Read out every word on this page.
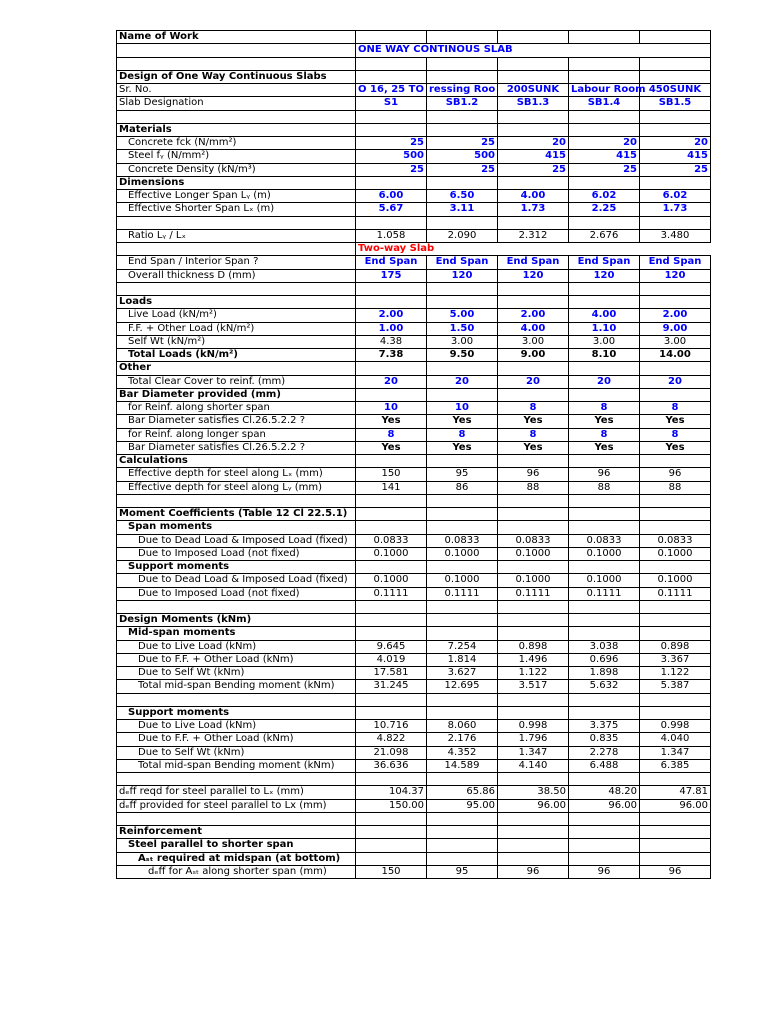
Name of Work					
	ONE WAY CONTINOUS SLAB				

Design of One Way Continuous Slabs					
Sr. No.	O 16, 25 TO	ressing Roo	200SUNK	Labour Room	450SUNK
Slab Designation	S1	SB1.2	SB1.3	SB1.4	SB1.5

Materials					
Concrete fck (N/mm²)	25	25	20	20	20
Steel fᵧ (N/mm²)	500	500	415	415	415
Concrete Density (kN/m³)	25	25	25	25	25
Dimensions					
Effective Longer Span Lᵧ (m)	6.00	6.50	4.00	6.02	6.02
Effective Shorter Span Lₓ (m)	5.67	3.11	1.73	2.25	1.73

Ratio Lᵧ / Lₓ	1.058	2.090	2.312	2.676	3.480
	Two-way Slab				
End Span / Interior Span ?	End Span	End Span	End Span	End Span	End Span
Overall thickness D (mm)	175	120	120	120	120

Loads					
Live Load (kN/m²)	2.00	5.00	2.00	4.00	2.00
F.F. + Other Load (kN/m²)	1.00	1.50	4.00	1.10	9.00
Self Wt (kN/m²)	4.38	3.00	3.00	3.00	3.00
Total Loads (kN/m²)	7.38	9.50	9.00	8.10	14.00
Other					
Total Clear Cover to reinf. (mm)	20	20	20	20	20
Bar Diameter provided (mm)					
for Reinf. along shorter span	10	10	8	8	8
Bar Diameter satisfies Cl.26.5.2.2 ?	Yes	Yes	Yes	Yes	Yes
for Reinf. along longer span	8	8	8	8	8
Bar Diameter satisfies Cl.26.5.2.2 ?	Yes	Yes	Yes	Yes	Yes
Calculations					
Effective depth for steel along Lₓ (mm)	150	95	96	96	96
Effective depth for steel along Lᵧ (mm)	141	86	88	88	88

Moment Coefficients (Table 12 Cl 22.5.1)					
Span moments					
Due to Dead Load & Imposed Load (fixed)	0.0833	0.0833	0.0833	0.0833	0.0833
Due to Imposed Load (not fixed)	0.1000	0.1000	0.1000	0.1000	0.1000
Support moments					
Due to Dead Load & Imposed Load (fixed)	0.1000	0.1000	0.1000	0.1000	0.1000
Due to Imposed Load (not fixed)	0.1111	0.1111	0.1111	0.1111	0.1111

Design Moments (kNm)					
Mid-span moments					
Due to Live Load (kNm)	9.645	7.254	0.898	3.038	0.898
Due to F.F. + Other Load (kNm)	4.019	1.814	1.496	0.696	3.367
Due to Self Wt (kNm)	17.581	3.627	1.122	1.898	1.122
Total mid-span Bending moment (kNm)	31.245	12.695	3.517	5.632	5.387

Support moments					
Due to Live Load (kNm)	10.716	8.060	0.998	3.375	0.998
Due to F.F. + Other Load (kNm)	4.822	2.176	1.796	0.835	4.040
Due to Self Wt (kNm)	21.098	4.352	1.347	2.278	1.347
Total mid-span Bending moment (kNm)	36.636	14.589	4.140	6.488	6.385

dₑff reqd for steel parallel to Lₓ (mm)	104.37	65.86	38.50	48.20	47.81
dₑff provided for steel parallel to Lx (mm)	150.00	95.00	96.00	96.00	96.00

Reinforcement					
Steel parallel to shorter span					
Aₛₜ required at midspan (at bottom)					
dₑff for Aₛₜ along shorter span (mm)	150	95	96	96	96
